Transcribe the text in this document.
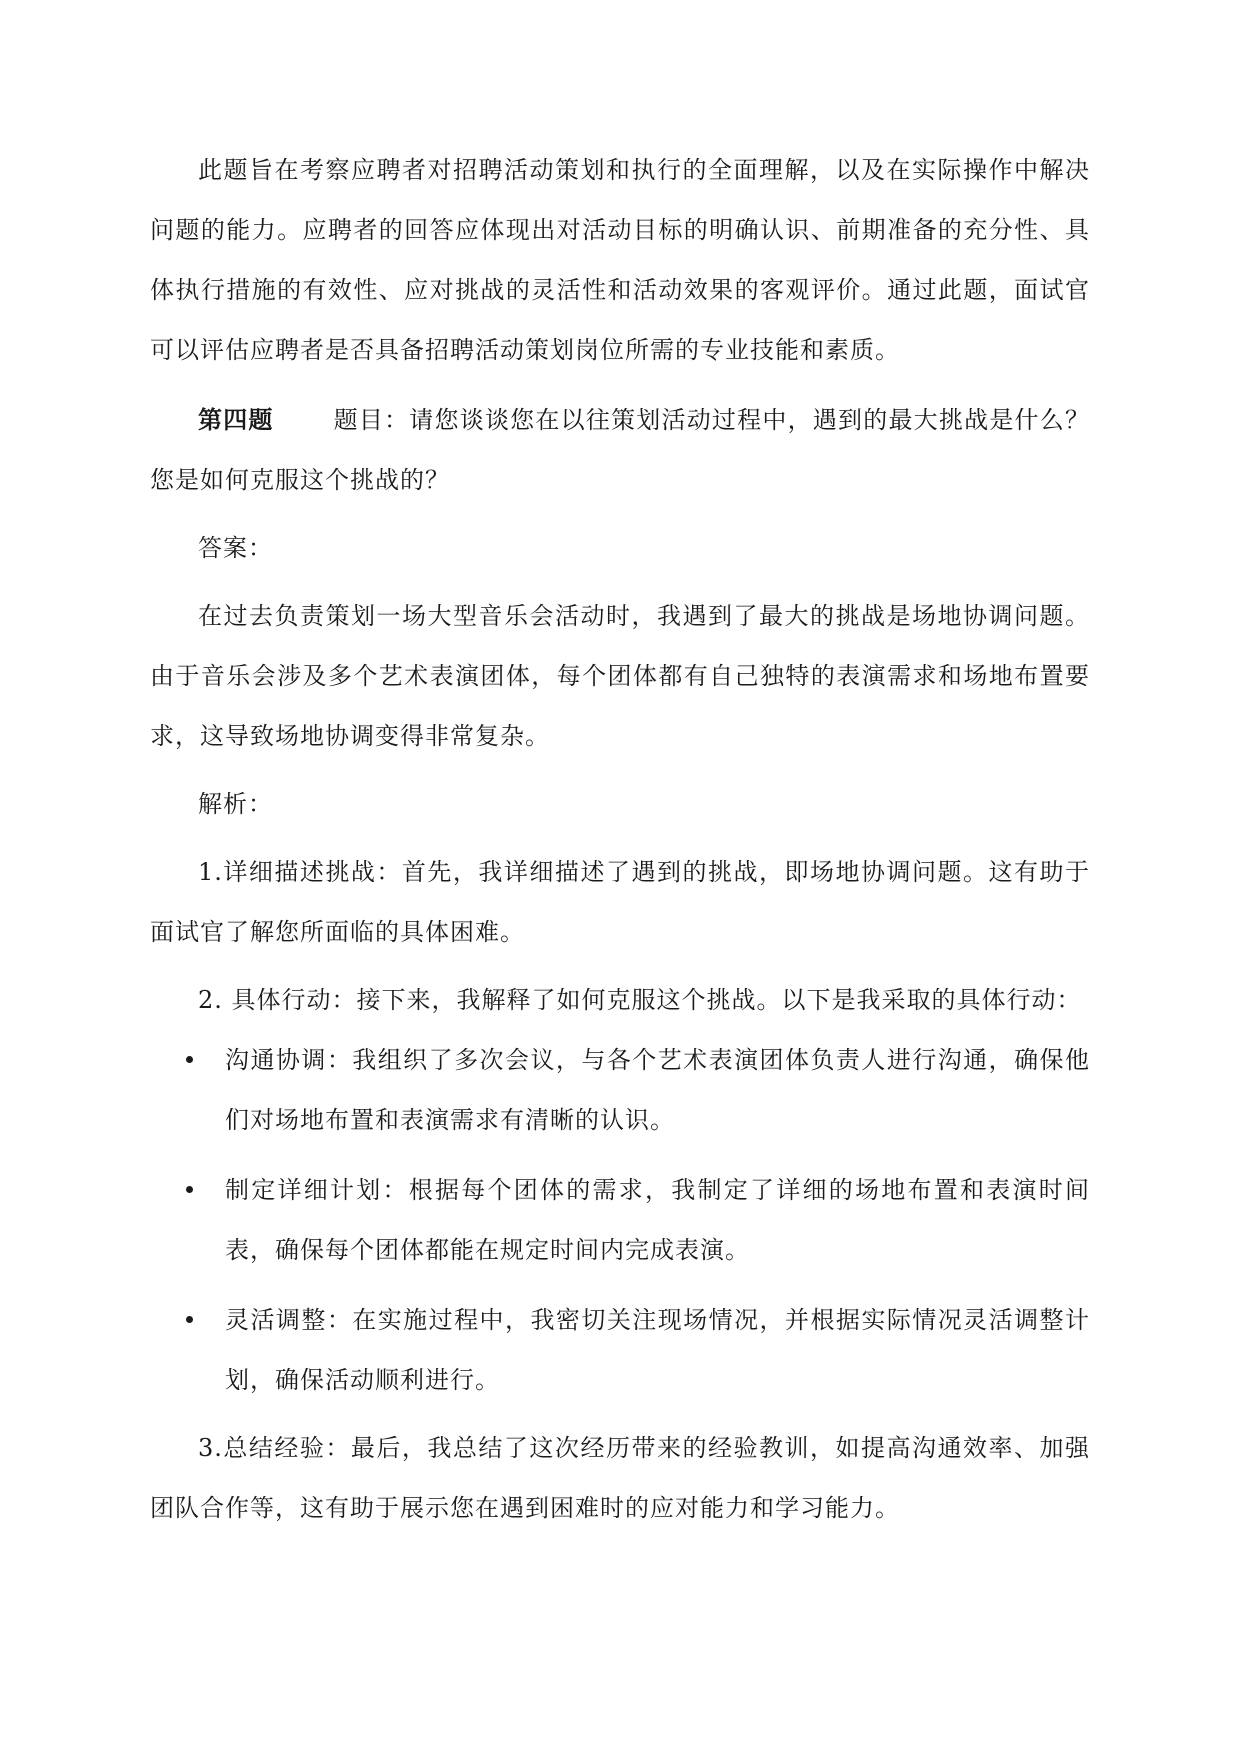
此题旨在考察应聘者对招聘活动策划和执行的全面理解，以及在实际操作中解决问题的能力。应聘者的回答应体现出对活动目标的明确认识、前期准备的充分性、具体执行措施的有效性、应对挑战的灵活性和活动效果的客观评价。通过此题，面试官可以评估应聘者是否具备招聘活动策划岗位所需的专业技能和素质。

第四题	题目：请您谈谈您在以往策划活动过程中，遇到的最大挑战是什么？您是如何克服这个挑战的？

答案：

在过去负责策划一场大型音乐会活动时，我遇到了最大的挑战是场地协调问题。由于音乐会涉及多个艺术表演团体，每个团体都有自己独特的表演需求和场地布置要求，这导致场地协调变得非常复杂。

解析：

1.详细描述挑战：首先，我详细描述了遇到的挑战，即场地协调问题。这有助于面试官了解您所面临的具体困难。

2. 具体行动：接下来，我解释了如何克服这个挑战。以下是我采取的具体行动：

沟通协调：我组织了多次会议，与各个艺术表演团体负责人进行沟通，确保他们对场地布置和表演需求有清晰的认识。
制定详细计划：根据每个团体的需求，我制定了详细的场地布置和表演时间表，确保每个团体都能在规定时间内完成表演。
灵活调整：在实施过程中，我密切关注现场情况，并根据实际情况灵活调整计划，确保活动顺利进行。

3.总结经验：最后，我总结了这次经历带来的经验教训，如提高沟通效率、加强团队合作等，这有助于展示您在遇到困难时的应对能力和学习能力。
